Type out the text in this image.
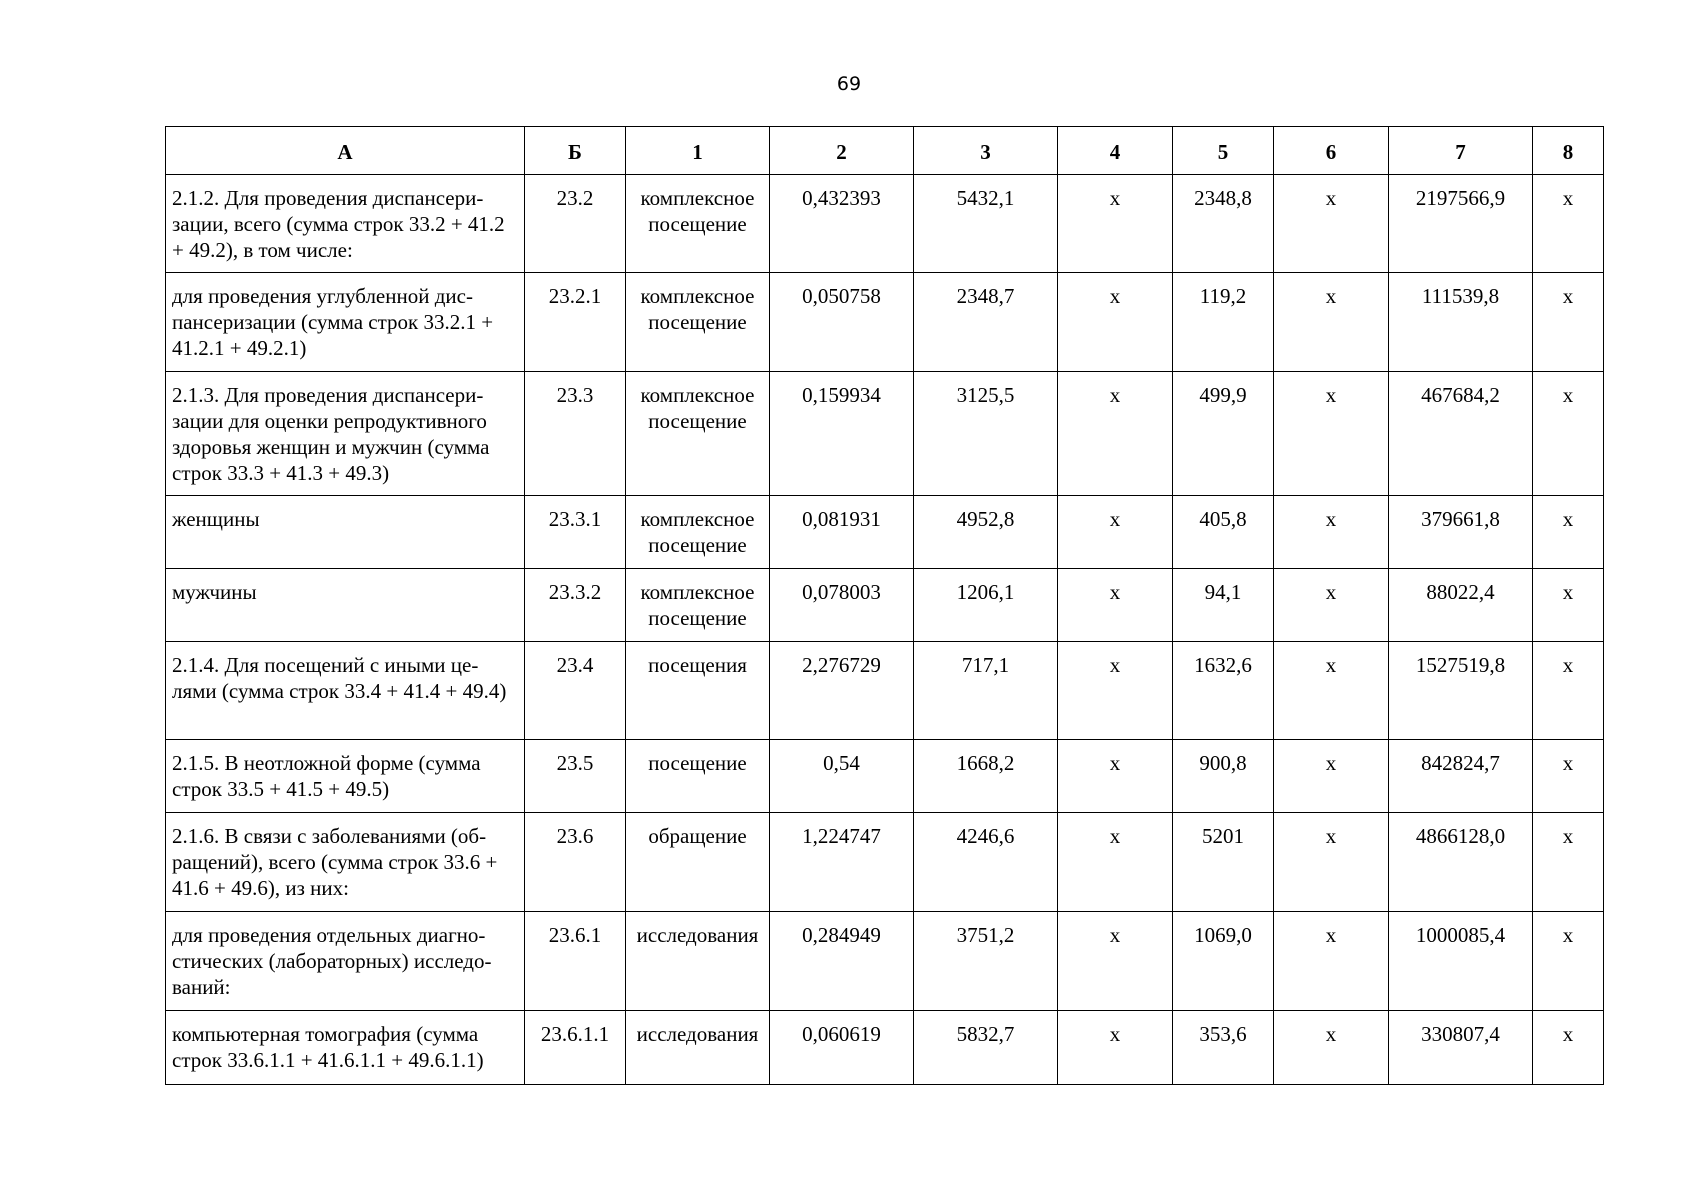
69
А	Б	1	2	3	4	5	6	7	8
2.1.2. Для проведения диспансери-зации, всего (сумма строк 33.2 + 41.2 + 49.2), в том числе:	23.2	комплексное посещение	0,432393	5432,1	х	2348,8	х	2197566,9	х
для проведения углубленной дис-пансеризации (сумма строк 33.2.1 + 41.2.1 + 49.2.1)	23.2.1	комплексное посещение	0,050758	2348,7	х	119,2	х	111539,8	х
2.1.3. Для проведения диспансери-зации для оценки репродуктивного здоровья женщин и мужчин (сумма строк 33.3 + 41.3 + 49.3)	23.3	комплексное посещение	0,159934	3125,5	х	499,9	х	467684,2	х
женщины	23.3.1	комплексное посещение	0,081931	4952,8	х	405,8	х	379661,8	х
мужчины	23.3.2	комплексное посещение	0,078003	1206,1	х	94,1	х	88022,4	х
2.1.4. Для посещений с иными це-лями (сумма строк 33.4 + 41.4 + 49.4)	23.4	посещения	2,276729	717,1	х	1632,6	х	1527519,8	х
2.1.5. В неотложной форме (сумма строк 33.5 + 41.5 + 49.5)	23.5	посещение	0,54	1668,2	х	900,8	х	842824,7	х
2.1.6. В связи с заболеваниями (об-ращений), всего (сумма строк 33.6 + 41.6 + 49.6), из них:	23.6	обращение	1,224747	4246,6	х	5201	х	4866128,0	х
для проведения отдельных диагно-стических (лабораторных) исследо-ваний:	23.6.1	исследования	0,284949	3751,2	х	1069,0	х	1000085,4	х
компьютерная томография (сумма строк 33.6.1.1 + 41.6.1.1 + 49.6.1.1)	23.6.1.1	исследования	0,060619	5832,7	х	353,6	х	330807,4	х
